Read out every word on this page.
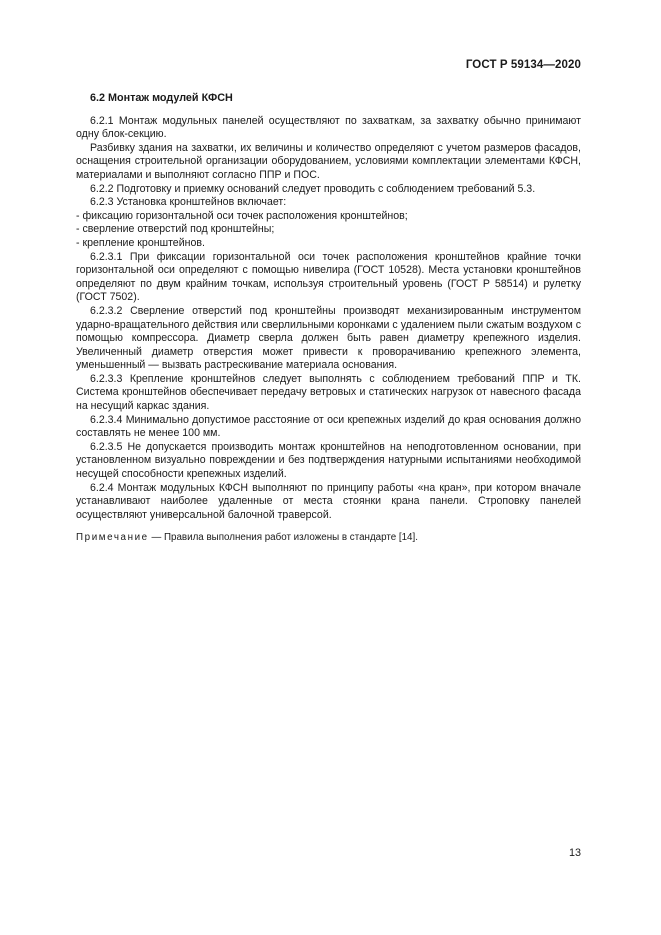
ГОСТ Р 59134—2020

6.2 Монтаж модулей КФСН

6.2.1 Монтаж модульных панелей осуществляют по захваткам, за захватку обычно принимают одну блок-секцию.

Разбивку здания на захватки, их величины и количество определяют с учетом размеров фасадов, оснащения строительной организации оборудованием, условиями комплектации элементами КФСН, материалами и выполняют согласно ППР и ПОС.

6.2.2 Подготовку и приемку оснований следует проводить с соблюдением требований 5.3.

6.2.3 Установка кронштейнов включает:

- фиксацию горизонтальной оси точек расположения кронштейнов;

- сверление отверстий под кронштейны;

- крепление кронштейнов.

6.2.3.1 При фиксации горизонтальной оси точек расположения кронштейнов крайние точки горизонтальной оси определяют с помощью нивелира (ГОСТ 10528). Места установки кронштейнов определяют по двум крайним точкам, используя строительный уровень (ГОСТ Р 58514) и рулетку (ГОСТ 7502).

6.2.3.2 Сверление отверстий под кронштейны производят механизированным инструментом ударно-вращательного действия или сверлильными коронками с удалением пыли сжатым воздухом с помощью компрессора. Диаметр сверла должен быть равен диаметру крепежного изделия. Увеличенный диаметр отверстия может привести к проворачиванию крепежного элемента, уменьшенный — вызвать растрескивание материала основания.

6.2.3.3 Крепление кронштейнов следует выполнять с соблюдением требований ППР и ТК. Система кронштейнов обеспечивает передачу ветровых и статических нагрузок от навесного фасада на несущий каркас здания.

6.2.3.4 Минимально допустимое расстояние от оси крепежных изделий до края основания должно составлять не менее 100 мм.

6.2.3.5 Не допускается производить монтаж кронштейнов на неподготовленном основании, при установленном визуально повреждении и без подтверждения натурными испытаниями необходимой несущей способности крепежных изделий.

6.2.4 Монтаж модульных КФСН выполняют по принципу работы «на кран», при котором вначале устанавливают наиболее удаленные от места стоянки крана панели. Строповку панелей осуществляют универсальной балочной траверсой.

Примечание — Правила выполнения работ изложены в стандарте [14].

13
